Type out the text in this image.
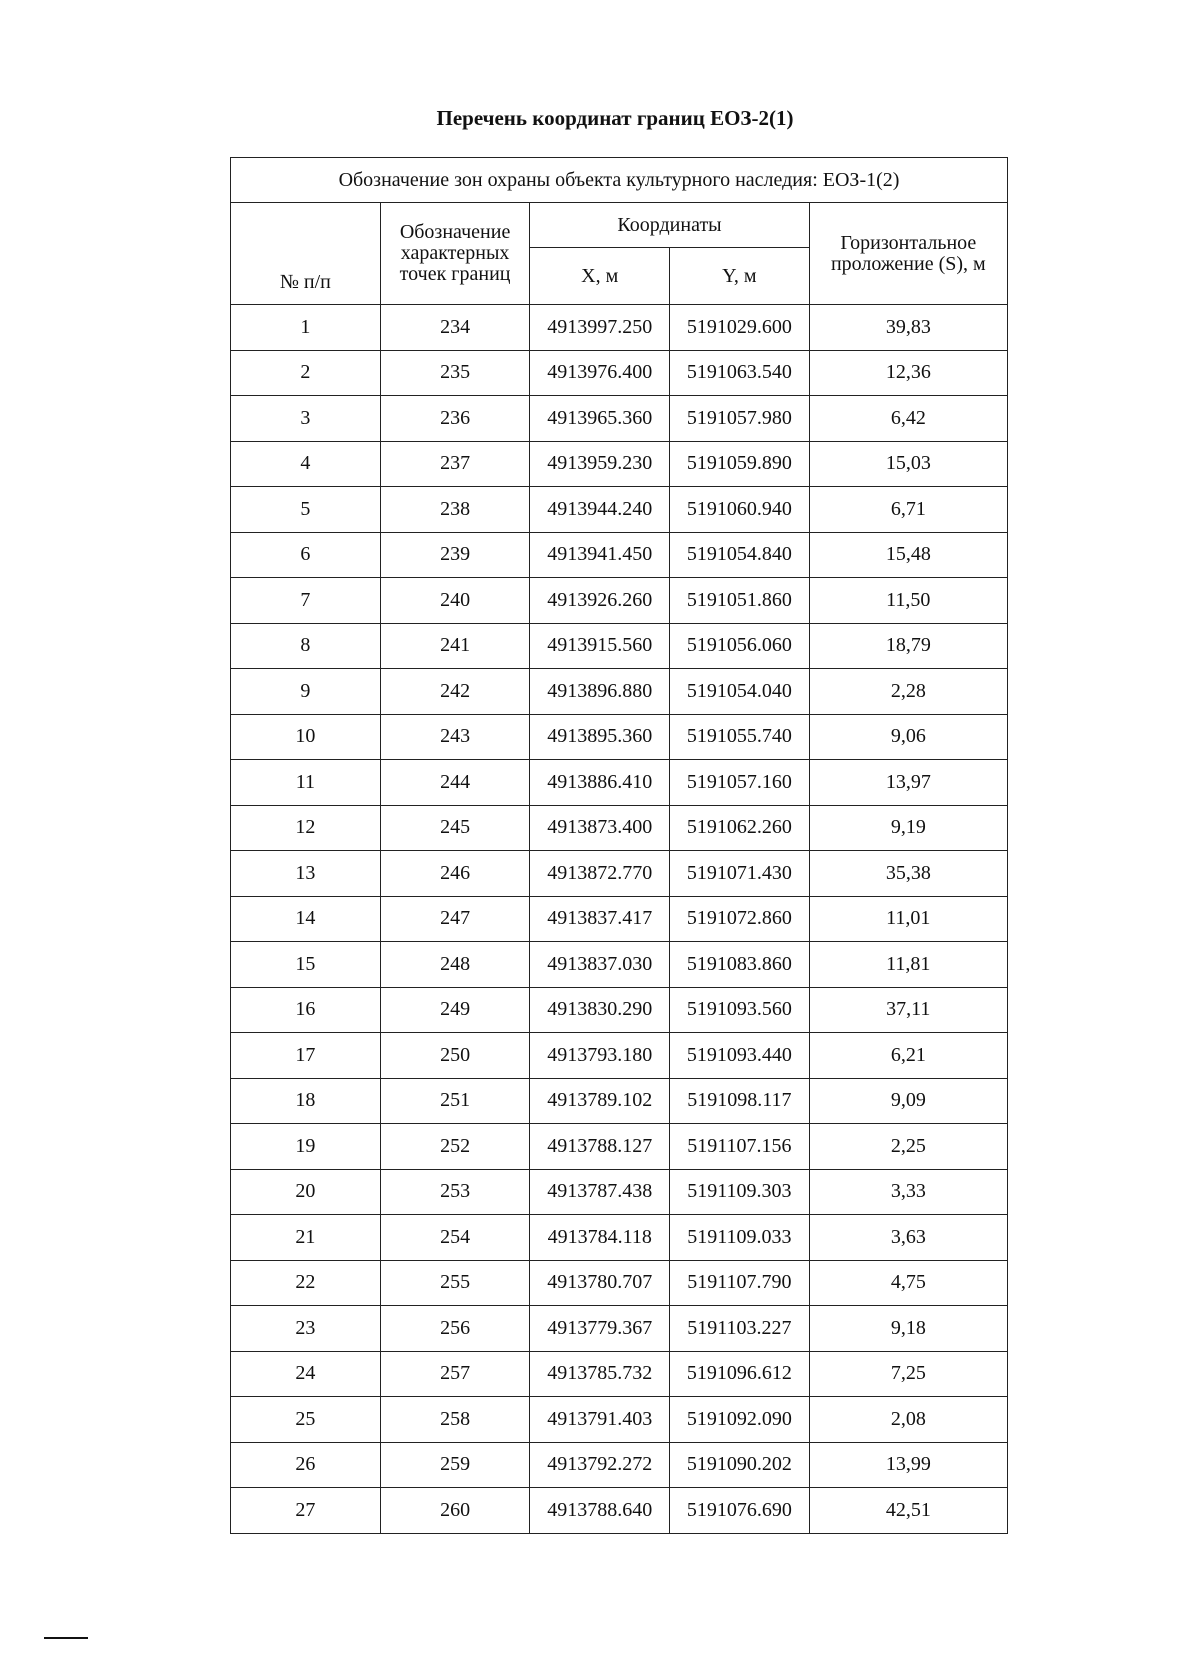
Перечень координат границ ЕОЗ-2(1)
Обозначение зон охраны объекта культурного наследия: ЕОЗ-1(2)				
№ п/п	Обозначение характерных точек границ	Координаты		Горизонтальное проложение (S), м
		X, м	Y, м	
1	234	4913997.250	5191029.600	39,83
2	235	4913976.400	5191063.540	12,36
3	236	4913965.360	5191057.980	6,42
4	237	4913959.230	5191059.890	15,03
5	238	4913944.240	5191060.940	6,71
6	239	4913941.450	5191054.840	15,48
7	240	4913926.260	5191051.860	11,50
8	241	4913915.560	5191056.060	18,79
9	242	4913896.880	5191054.040	2,28
10	243	4913895.360	5191055.740	9,06
11	244	4913886.410	5191057.160	13,97
12	245	4913873.400	5191062.260	9,19
13	246	4913872.770	5191071.430	35,38
14	247	4913837.417	5191072.860	11,01
15	248	4913837.030	5191083.860	11,81
16	249	4913830.290	5191093.560	37,11
17	250	4913793.180	5191093.440	6,21
18	251	4913789.102	5191098.117	9,09
19	252	4913788.127	5191107.156	2,25
20	253	4913787.438	5191109.303	3,33
21	254	4913784.118	5191109.033	3,63
22	255	4913780.707	5191107.790	4,75
23	256	4913779.367	5191103.227	9,18
24	257	4913785.732	5191096.612	7,25
25	258	4913791.403	5191092.090	2,08
26	259	4913792.272	5191090.202	13,99
27	260	4913788.640	5191076.690	42,51
